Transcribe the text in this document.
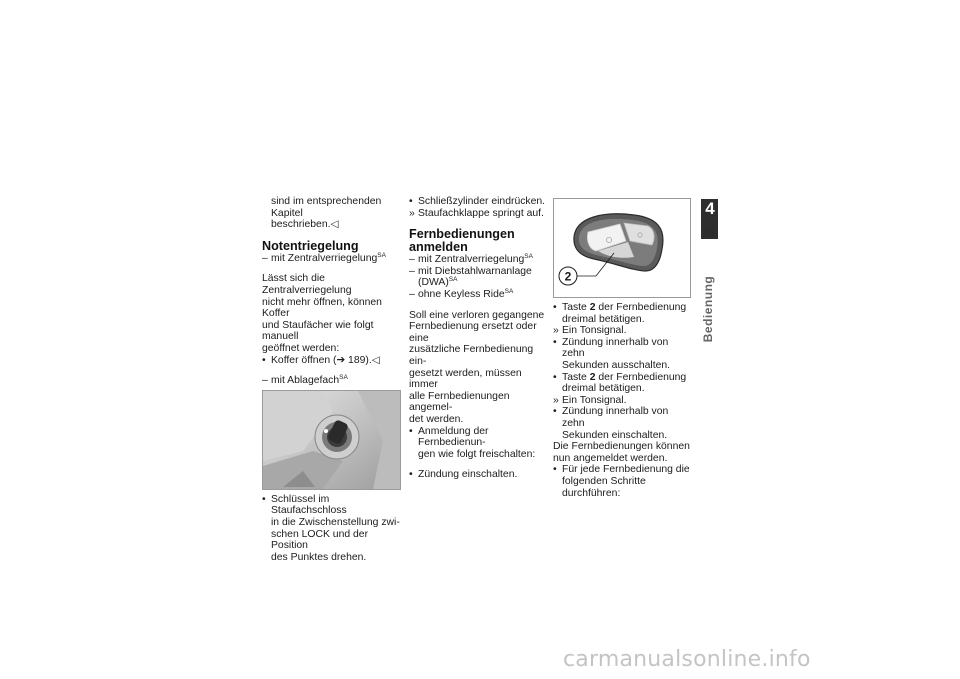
sind im entsprechenden Kapitel

beschrieben.◁

Notentriegelung

– mit Zentralverriegelung$^{SA}$

Lässt sich die Zentralverriegelung

nicht mehr öffnen, können Koffer

und Staufächer wie folgt manuell

geöffnet werden:

• Koffer öffnen (➔ 189).◁

– mit Ablagefach$^{SA}$

• Schlüssel im Staufachschloss

in die Zwischenstellung zwi-

schen LOCK und der Position

des Punktes drehen.

• Schließzylinder eindrücken.

» Staufachklappe springt auf.

Fernbedienungen

anmelden

– mit Zentralverriegelung$^{SA}$

– mit Diebstahlwarnanlage

(DWA)$^{SA}$

– ohne Keyless Ride$^{SA}$

Soll eine verloren gegangene

Fernbedienung ersetzt oder eine

zusätzliche Fernbedienung ein-

gesetzt werden, müssen immer

alle Fernbedienungen angemel-

det werden.

• Anmeldung der Fernbedienun-

gen wie folgt freischalten:

• Zündung einschalten.

2

• Taste 2 der Fernbedienung

dreimal betätigen.

» Ein Tonsignal.

• Zündung innerhalb von zehn

Sekunden ausschalten.

• Taste 2 der Fernbedienung

dreimal betätigen.

» Ein Tonsignal.

• Zündung innerhalb von zehn

Sekunden einschalten.

Die Fernbedienungen können

nun angemeldet werden.

• Für jede Fernbedienung die

folgenden Schritte durchführen:

4
93
Bedienung
carmanualsonline.info
